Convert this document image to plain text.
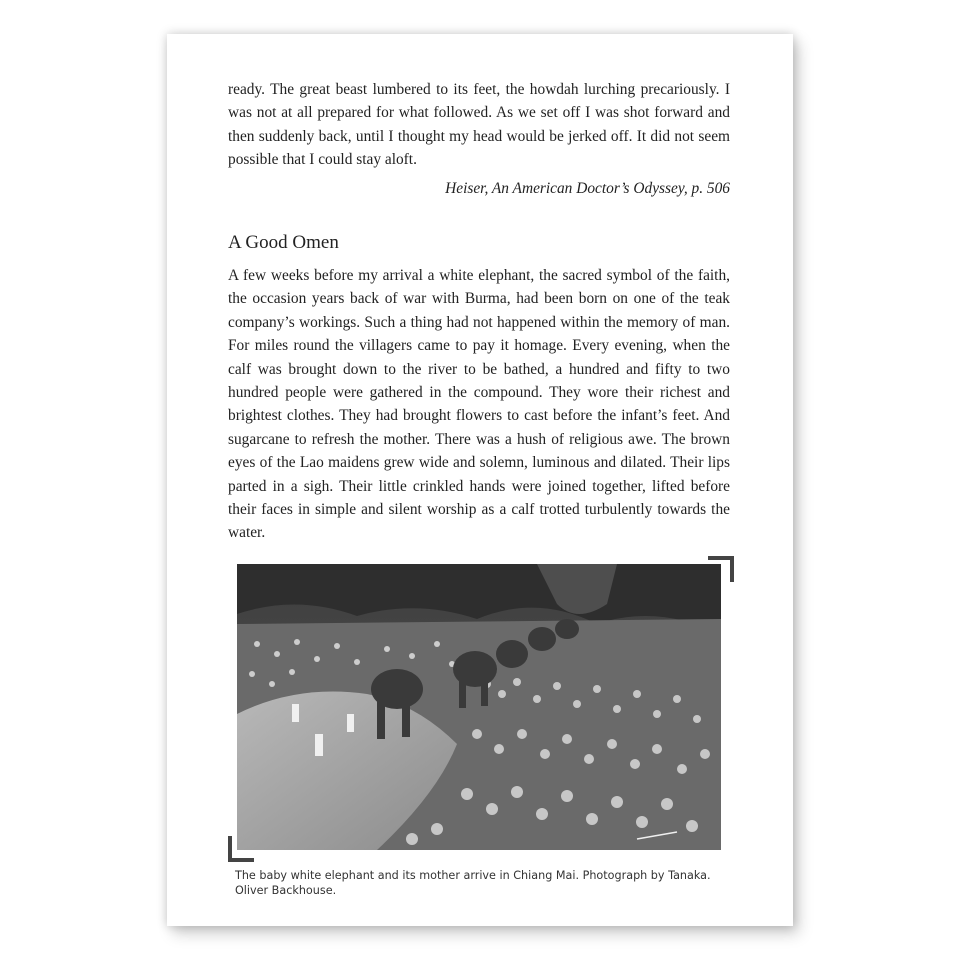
ready. The great beast lumbered to its feet, the howdah lurching precariously. I was not at all prepared for what followed. As we set off I was shot forward and then suddenly back, until I thought my head would be jerked off. It did not seem possible that I could stay aloft.

Heiser, An American Doctor’s Odyssey, p. 506

A Good Omen

A few weeks before my arrival a white elephant, the sacred symbol of the faith, the occasion years back of war with Burma, had been born on one of the teak company’s workings. Such a thing had not happened within the memory of man. For miles round the villagers came to pay it homage. Every evening, when the calf was brought down to the river to be bathed, a hundred and fifty to two hundred people were gathered in the compound. They wore their richest and brightest clothes. They had brought flowers to cast before the infant’s feet. And sugarcane to refresh the mother. There was a hush of religious awe. The brown eyes of the Lao maidens grew wide and solemn, luminous and dilated. Their lips parted in a sigh. Their little crinkled hands were joined together, lifted before their faces in simple and silent worship as a calf trotted turbulently towards the water.

The baby white elephant and its mother arrive in Chiang Mai. Photograph by Tanaka. Oliver Backhouse.
